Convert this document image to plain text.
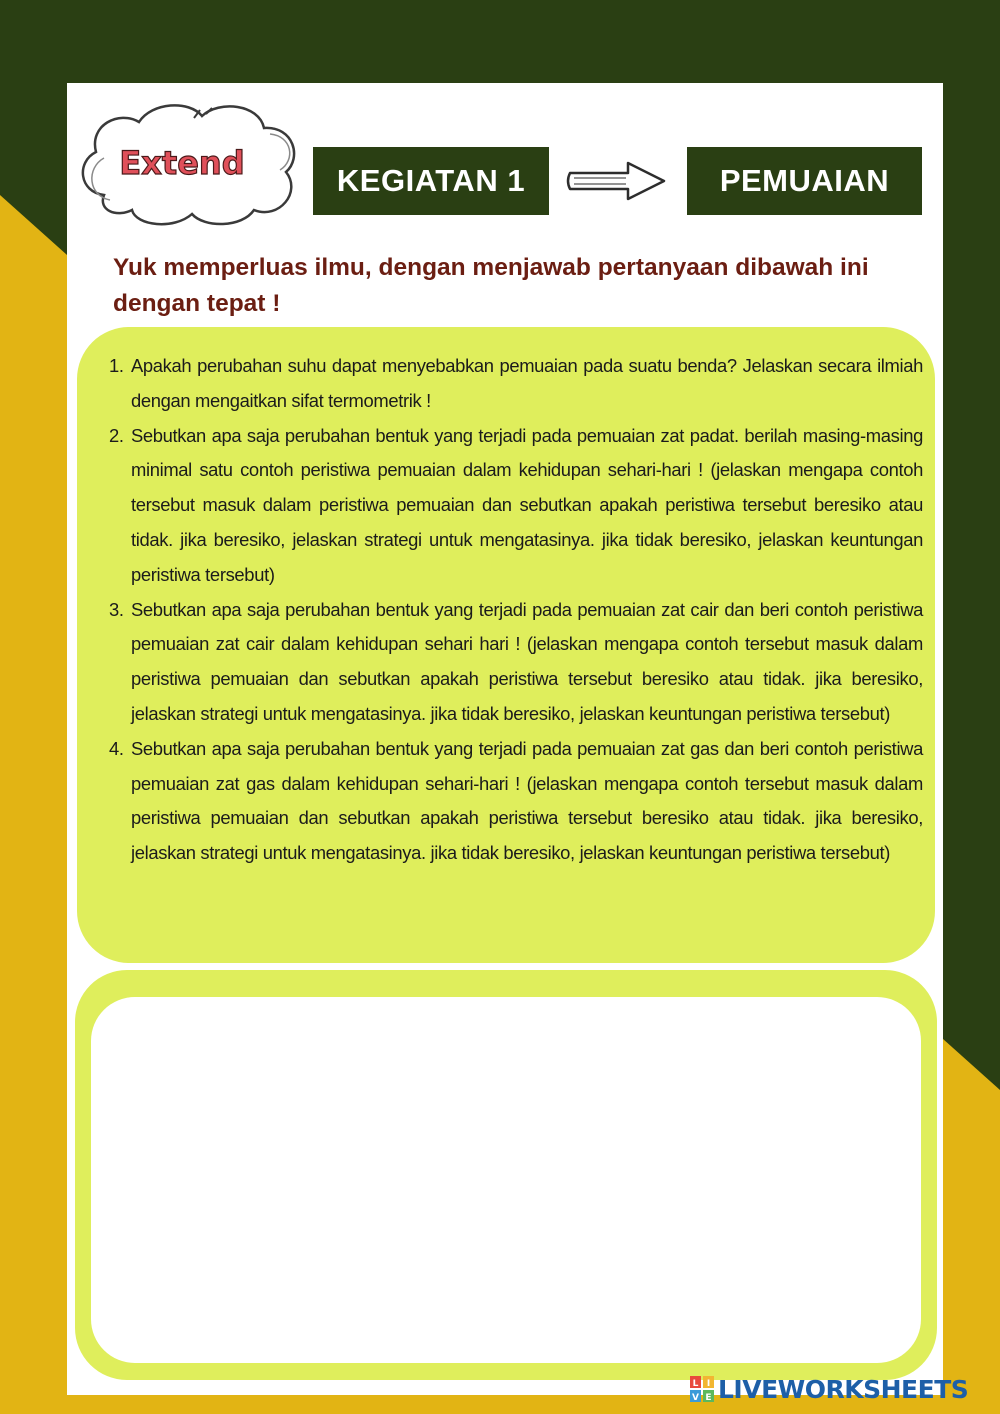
Extend	KEGIATAN 1	PEMUAIAN
Yuk memperluas ilmu, dengan menjawab pertanyaan dibawah ini dengan tepat !
1. Apakah perubahan suhu dapat menyebabkan pemuaian pada suatu benda? Jelaskan secara ilmiah dengan mengaitkan sifat termometrik !
2. Sebutkan apa saja perubahan bentuk yang terjadi pada pemuaian zat padat. berilah masing-masing minimal satu contoh peristiwa pemuaian dalam kehidupan sehari-hari ! (jelaskan mengapa contoh tersebut masuk dalam peristiwa pemuaian dan sebutkan apakah peristiwa tersebut beresiko atau tidak. jika beresiko, jelaskan strategi untuk mengatasinya. jika tidak beresiko, jelaskan keuntungan peristiwa tersebut)
3. Sebutkan apa saja perubahan bentuk yang terjadi pada pemuaian zat cair dan beri contoh peristiwa pemuaian zat cair dalam kehidupan sehari hari ! (jelaskan mengapa contoh tersebut masuk dalam peristiwa pemuaian dan sebutkan apakah peristiwa tersebut beresiko atau tidak. jika beresiko, jelaskan strategi untuk mengatasinya. jika tidak beresiko, jelaskan keuntungan peristiwa tersebut)
4. Sebutkan apa saja perubahan bentuk yang terjadi pada pemuaian zat gas dan beri contoh peristiwa pemuaian zat gas dalam kehidupan sehari-hari ! (jelaskan mengapa contoh tersebut masuk dalam peristiwa pemuaian dan sebutkan apakah peristiwa tersebut beresiko atau tidak. jika beresiko, jelaskan strategi untuk mengatasinya. jika tidak beresiko, jelaskan keuntungan peristiwa tersebut)
L I
V E LIVEWORKSHEETS
